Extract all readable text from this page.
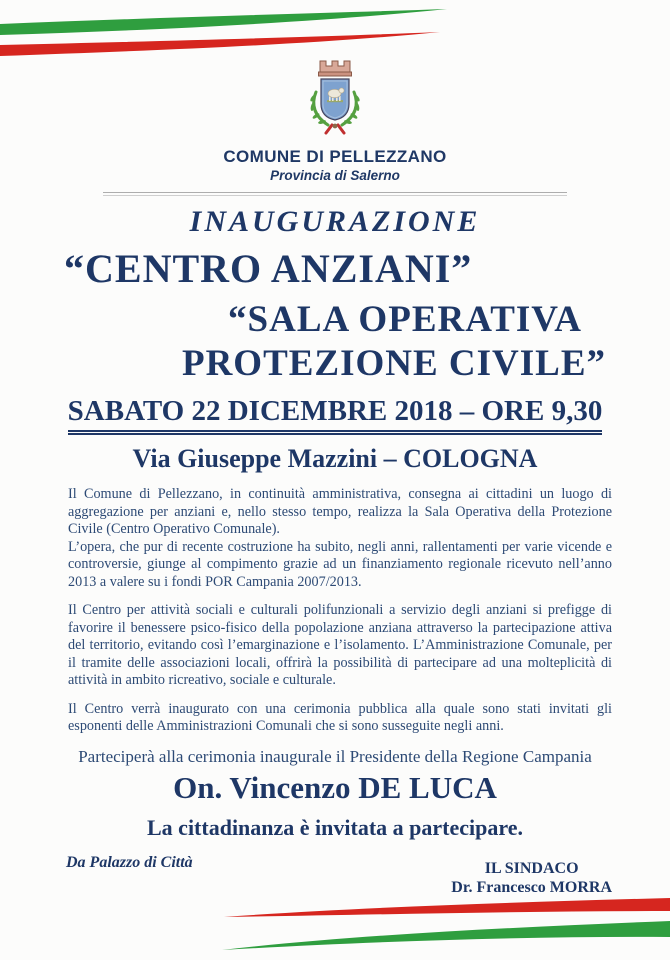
COMUNE DI PELLEZZANO
Provincia di Salerno
INAUGURAZIONE
“CENTRO ANZIANI”
“SALA OPERATIVA
PROTEZIONE CIVILE”
SABATO 22 DICEMBRE 2018 – ORE 9,30
Via Giuseppe Mazzini – COLOGNA

Il Comune di Pellezzano, in continuità amministrativa, consegna ai cittadini un luogo di aggregazione per anziani e, nello stesso tempo, realizza la Sala Operativa della Protezione Civile (Centro Operativo Comunale).

L’opera, che pur di recente costruzione ha subito, negli anni, rallentamenti per varie vicende e controversie, giunge al compimento grazie ad un finanziamento regionale ricevuto nell’anno 2013 a valere su i fondi POR Campania 2007/2013.

Il Centro per attività sociali e culturali polifunzionali a servizio degli anziani si prefigge di favorire il benessere psico-fisico della popolazione anziana attraverso la partecipazione attiva del territorio, evitando così l’emarginazione e l’isolamento. L’Amministrazione Comunale, per il tramite delle associazioni locali, offrirà la possibilità di partecipare ad una molteplicità di attività in ambito ricreativo, sociale e culturale.

Il Centro verrà inaugurato con una cerimonia pubblica alla quale sono stati invitati gli esponenti delle Amministrazioni Comunali che si sono susseguite negli anni.

Parteciperà alla cerimonia inaugurale il Presidente della Regione Campania
On. Vincenzo DE LUCA
La cittadinanza è invitata a partecipare.
Da Palazzo di Città	IL SINDACO
Dr. Francesco MORRA
